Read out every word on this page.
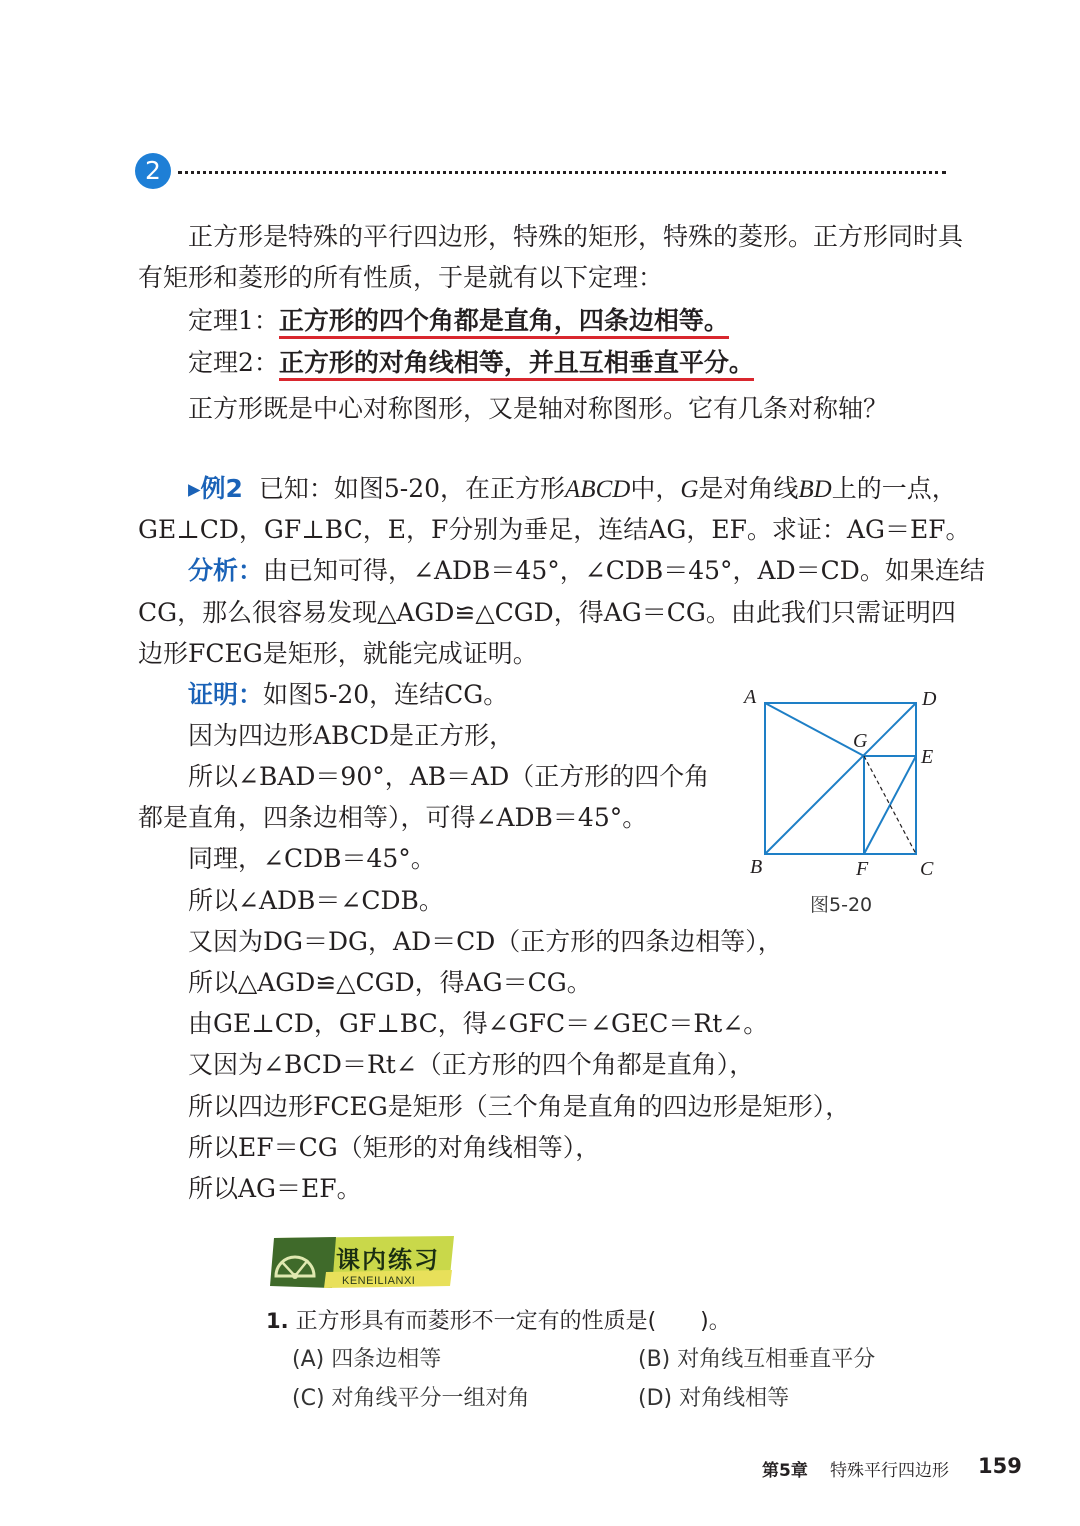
2
正方形是特殊的平行四边形，特殊的矩形，特殊的菱形。正方形同时具
有矩形和菱形的所有性质，于是就有以下定理：
定理1：正方形的四个角都是直角，四条边相等。
定理2：正方形的对角线相等，并且互相垂直平分。
正方形既是中心对称图形，又是轴对称图形。它有几条对称轴？
▸例2 已知：如图5-20，在正方形ABCD中，G是对角线BD上的一点，
GE⊥CD，GF⊥BC，E，F分别为垂足，连结AG，EF。求证：AG＝EF。
分析：由已知可得，∠ADB＝45°，∠CDB＝45°，AD＝CD。如果连结
CG，那么很容易发现△AGD≌△CGD，得AG＝CG。由此我们只需证明四
边形FCEG是矩形，就能完成证明。
证明：如图5-20，连结CG。
因为四边形ABCD是正方形，
所以∠BAD＝90°，AB＝AD（正方形的四个角
都是直角，四条边相等），可得∠ADB＝45°。
同理，∠CDB＝45°。
所以∠ADB＝∠CDB。
又因为DG＝DG，AD＝CD（正方形的四条边相等），
所以△AGD≌△CGD，得AG＝CG。
由GE⊥CD，GF⊥BC，得∠GFC＝∠GEC＝Rt∠。
又因为∠BCD＝Rt∠（正方形的四个角都是直角），
所以四边形FCEG是矩形（三个角是直角的四边形是矩形），
所以EF＝CG（矩形的对角线相等），
所以AG＝EF。
A	D
G
E
B	F	C
图5-20
课内练习
KENEILIANXI
1. 正方形具有而菱形不一定有的性质是(　　)。
(A) 四条边相等	(B) 对角线互相垂直平分
(C) 对角线平分一组对角	(D) 对角线相等
第5章 特殊平行四边形 159
